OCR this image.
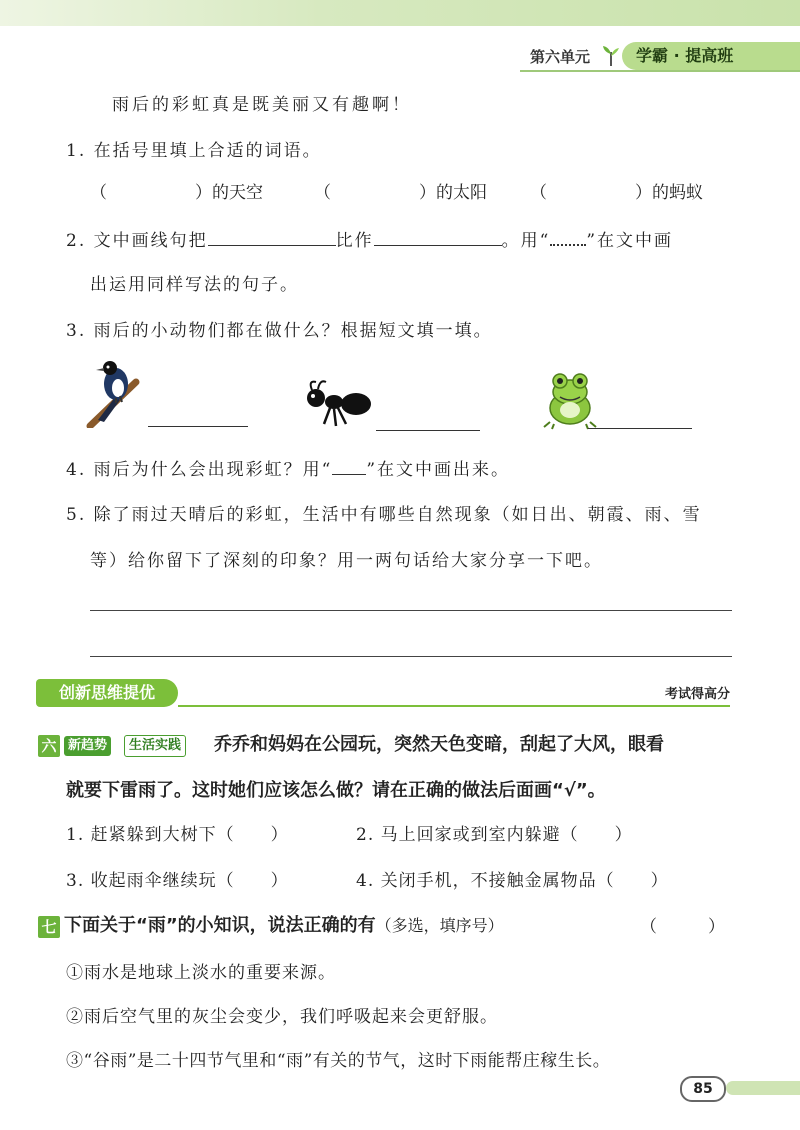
第六单元	学霸 · 提高班
雨后的彩虹真是既美丽又有趣啊！
1. 在括号里填上合适的词语。
（	）的天空	（	）的太阳	（	）的蚂蚁
2. 文中画线句把	比作	。用“ ”在文中画
出运用同样写法的句子。
3. 雨后的小动物们都在做什么？根据短文填一填。
4. 雨后为什么会出现彩虹？用“ ”在文中画出来。
5. 除了雨过天晴后的彩虹，生活中有哪些自然现象（如日出、朝霞、雨、雪
等）给你留下了深刻的印象？用一两句话给大家分享一下吧。
创新思维提优	考试得高分
六 新趋势	生活实践 乔乔和妈妈在公园玩，突然天色变暗，刮起了大风，眼看
就要下雷雨了。这时她们应该怎么做？请在正确的做法后面画“√”。
1. 赶紧躲到大树下（　　）	2. 马上回家或到室内躲避（　　）
3. 收起雨伞继续玩（　　）	4. 关闭手机，不接触金属物品（　　）
七 下面关于“雨”的小知识，说法正确的有（多选，填序号）	（　　　）
①雨水是地球上淡水的重要来源。
②雨后空气里的灰尘会变少，我们呼吸起来会更舒服。
③“谷雨”是二十四节气里和“雨”有关的节气，这时下雨能帮庄稼生长。
85
